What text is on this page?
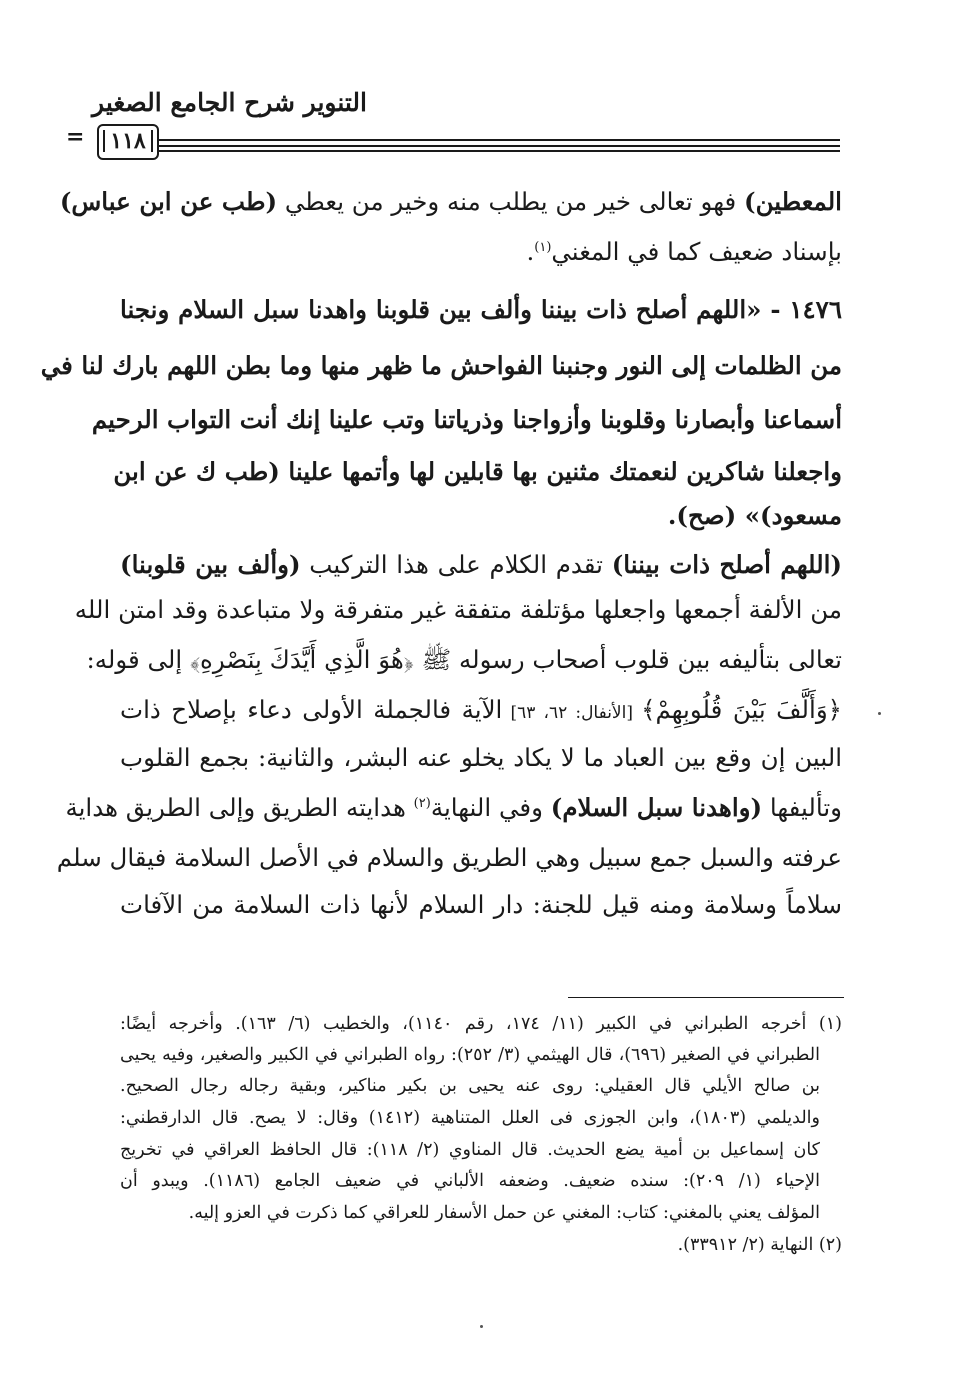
التنوير شرح الجامع الصغير
=	١١٨
المعطين) فهو تعالى خير من يطلب منه وخير من يعطي (طب عن ابن عباس)
بإسناد ضعيف كما في المغني$^{(١)}$.
١٤٧٦ - «اللهم أصلح ذات بيننا وألف بين قلوبنا واهدنا سبل السلام ونجنا
من الظلمات إلى النور وجنبنا الفواحش ما ظهر منها وما بطن اللهم بارك لنا في
أسماعنا وأبصارنا وقلوبنا وأزواجنا وذرياتنا وتب علينا إنك أنت التواب الرحيم
واجعلنا شاكرين لنعمتك مثنين بها قابلين لها وأتمها علينا (طب ك عن ابن
مسعود)» (صح).
(اللهم أصلح ذات بيننا) تقدم الكلام على هذا التركيب (وألف بين قلوبنا)
من الألفة أجمعها واجعلها مؤتلفة متفقة غير متفرقة ولا متباعدة وقد امتن الله
تعالى بتأليفه بين قلوب أصحاب رسوله ﷺ ﴿هُوَ الَّذِي أَيَّدَكَ بِنَصْرِهِ﴾ إلى قوله:
﴿وَأَلَّفَ بَيْنَ قُلُوبِهِمْ﴾ [الأنفال: ٦٢، ٦٣] الآية فالجملة الأولى دعاء بإصلاح ذات
البين إن وقع بين العباد ما لا يكاد يخلو عنه البشر، والثانية: بجمع القلوب
وتأليفها (واهدنا سبل السلام) وفي النهاية$^{(٢)}$ هدايته الطريق وإلى الطريق هداية
عرفته والسبل جمع سبيل وهي الطريق والسلام في الأصل السلامة فيقال سلم
سلاماً وسلامة ومنه قيل للجنة: دار السلام لأنها ذات السلامة من الآفات
(١) أخرجه الطبراني في الكبير (١١/ ١٧٤، رقم ١١٤٠)، والخطيب (٦/ ١٦٣). وأخرجه أيضًا:
الطبراني في الصغير (٦٩٦)، قال الهيثمي (٣/ ٢٥٢): رواه الطبراني في الكبير والصغير، وفيه يحيى
بن صالح الأيلي قال العقيلي: روى عنه يحيى بن بكير مناكير، وبقية رجاله رجال الصحيح.
والديلمي (١٨٠٣)، وابن الجوزى فى العلل المتناهية (١٤١٢) وقال: لا يصح. قال الدارقطني:
كان إسماعيل بن أمية يضع الحديث. قال المناوي (٢/ ١١٨): قال الحافظ العراقي في تخريج
الإحياء (١/ ٢٠٩): سنده ضعيف. وضعفه الألباني في ضعيف الجامع (١١٨٦). ويبدو أن
المؤلف يعني بالمغني: كتاب: المغني عن حمل الأسفار للعراقي كما ذكرت في العزو إليه.
(٢) النهاية (٢/ ٣٣٩١٢).
